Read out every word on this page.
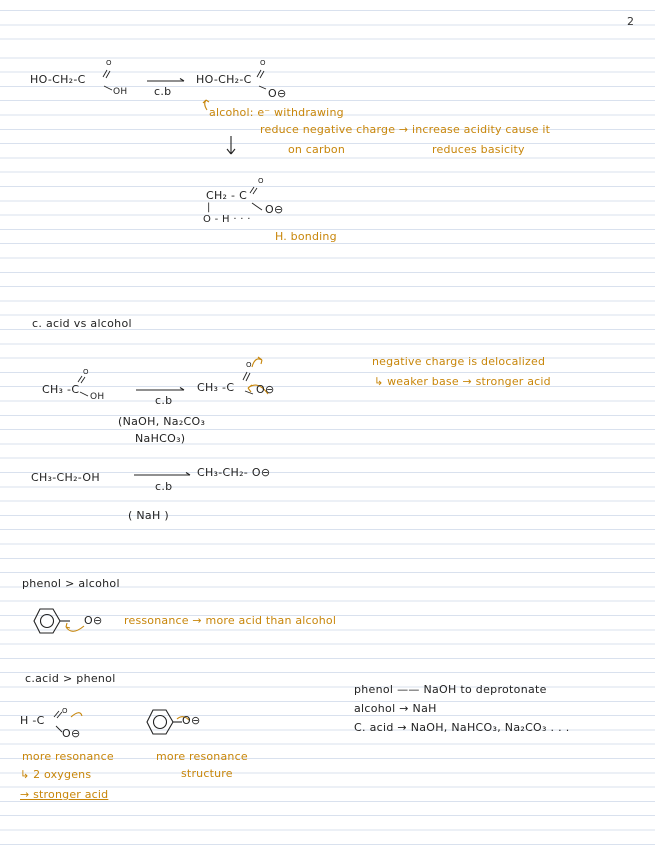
2
HO-CH₂-C
O
OH c.b
HO-CH₂-C
O
O⊖
alcohol: e⁻ withdrawing
reduce negative charge → increase acidity cause it
on carbon	reduces basicity
CH₂ - C
O
O⊖
|
O - H · · ·
H. bonding
c. acid vs alcohol
CH₃ -C
O
OH	c.b
CH₃ -C
O
O⊖
(NaOH, Na₂CO₃
NaHCO₃)
negative charge is delocalized
↳ weaker base → stronger acid
CH₃-CH₂-OH
c.b
CH₃-CH₂- O⊖
( NaH )
phenol > alcohol
O⊖ ressonance → more acid than alcohol
c.acid > phenol
H -C
O
O⊖
O⊖
more resonance
↳ 2 oxygens
→ stronger acid
more resonance
structure
phenol —— NaOH to deprotonate
alcohol → NaH
C. acid → NaOH, NaHCO₃, Na₂CO₃ . . .
